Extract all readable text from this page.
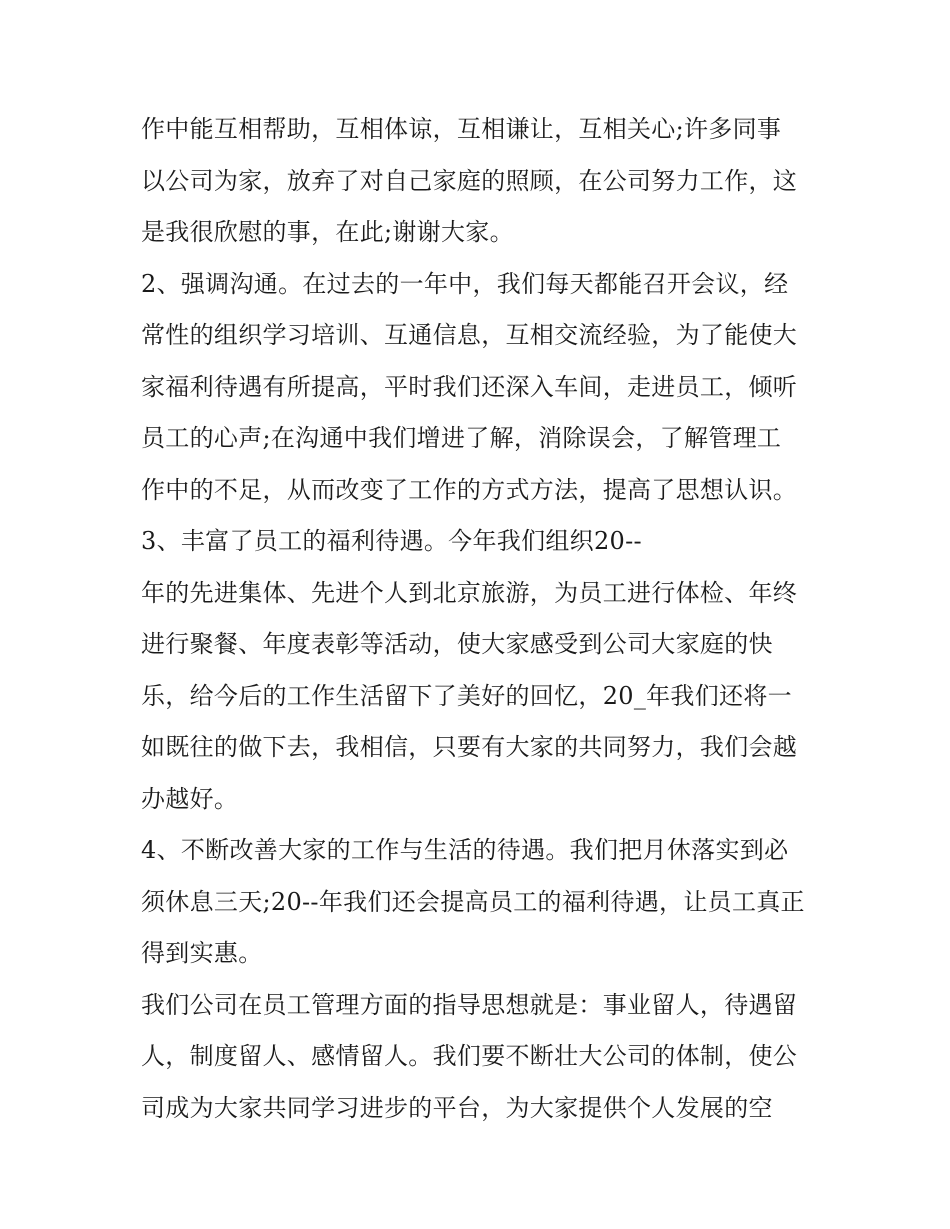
作中能互相帮助，互相体谅，互相谦让，互相关心;许多同事
以公司为家，放弃了对自己家庭的照顾，在公司努力工作，这
是我很欣慰的事，在此;谢谢大家。
2、强调沟通。在过去的一年中，我们每天都能召开会议，经
常性的组织学习培训、互通信息，互相交流经验，为了能使大
家福利待遇有所提高，平时我们还深入车间，走进员工，倾听
员工的心声;在沟通中我们增进了解，消除误会，了解管理工
作中的不足，从而改变了工作的方式方法，提高了思想认识。
3、丰富了员工的福利待遇。今年我们组织20--
年的先进集体、先进个人到北京旅游，为员工进行体检、年终
进行聚餐、年度表彰等活动，使大家感受到公司大家庭的快
乐，给今后的工作生活留下了美好的回忆，20_年我们还将一
如既往的做下去，我相信，只要有大家的共同努力，我们会越
办越好。
4、不断改善大家的工作与生活的待遇。我们把月休落实到必
须休息三天;20--年我们还会提高员工的福利待遇，让员工真正
得到实惠。
我们公司在员工管理方面的指导思想就是：事业留人，待遇留
人，制度留人、感情留人。我们要不断壮大公司的体制，使公
司成为大家共同学习进步的平台，为大家提供个人发展的空
